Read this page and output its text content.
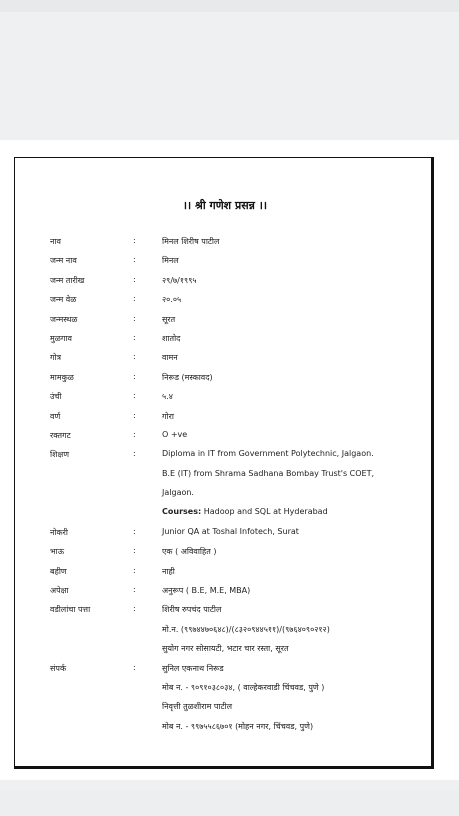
।। श्री गणेश प्रसन्न ।।
नाव	:	मिनल शिरीष पाटील
जन्म नाव	:	मिनल
जन्म तारीख	:	२९/७/१९९५
जन्म वेळ	:	२०.०५
जन्मस्थळ	:	सूरत
मुळगाव	:	शातोद
गोत्र	:	वामन
मामकुळ	:	निरूड (मस्कावद)
उंची	:	५.४
वर्ण	:	गोरा
रक्तगट	:	O +ve
शिक्षण	:	Diploma in IT from Government Polytechnic, Jalgaon.
B.E (IT) from Shrama Sadhana Bombay Trust's COET,
Jalgaon.
Courses: Hadoop and SQL at Hyderabad
नोकरी	:	Junior QA at Toshal Infotech, Surat
भाऊ	:	एक ( अविवाहित )
बहीण	:	नाही
अपेक्षा	:	अनुरूप ( B.E, M.E, MBA)
वडीलांचा पत्ता	:	शिरीष रुपचंद पाटील
मो.न. (९९७४४७०६४८)/(८३२०९४४५११)/(९७६४०९०२१२)
सुयोग नगर सोसायटी, भटार चार रस्ता, सूरत
संपर्क	:	सुनिल एकनाथ निरूड
मोब न. - ९०९१०३८०३४, ( वाल्हेकरवाडी चिंचवड, पुणे )
निवृत्ती तुळशीराम पाटील
मोब न. - ९९७५५८६७०१ (मोहन नगर, चिंचवड, पुणे)
